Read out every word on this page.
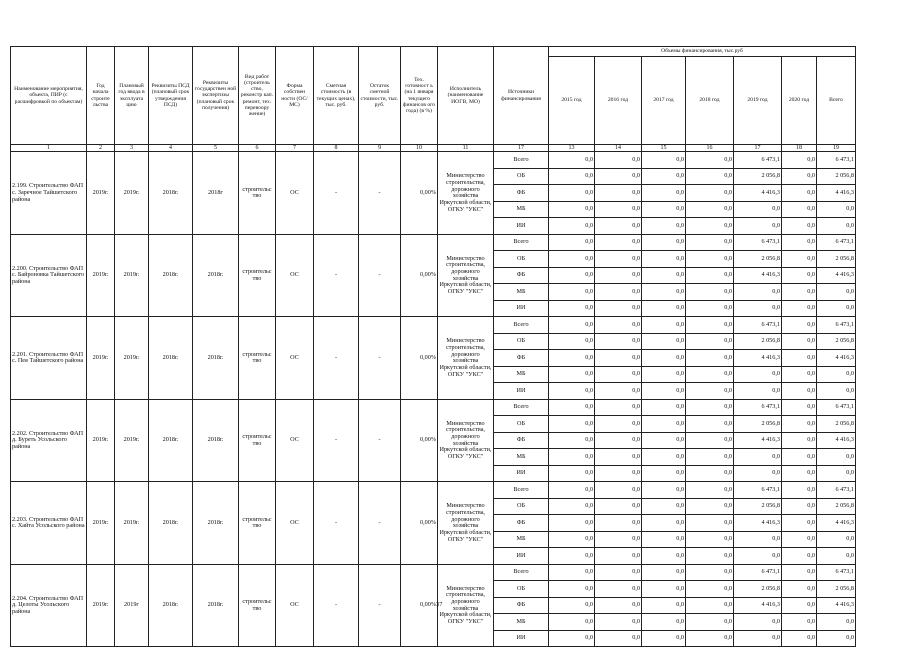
Наименование мероприятия, объекта, ПИР (с расшифровкой по объектам)	Год начала строите льства	Плановый год ввода в эксплуата цию	Реквизиты ПСД (плановый срок утверждения ПСД)	Реквизиты государствен ной экспертизы (плановый срок получения)	Вид работ (строитель ство, реконстр кап. ремонт, тех. перевоору жение)	Форма собствен ности (ОС/МС)	Сметная стоимость (в текущих ценах), тыс. руб.	Остаток сметной стоимости, тыс. руб.	Тех. готовност ь (на 1 января текущего финансов ого года) (в %)	Исполнитель (наименование ИОГВ, МО)	Источники финансирования	Объемы финансирования, тыс.руб						
												2015 год	2016 год	2017 год	2018 год	2019 год	2020 год	Всего
1	2	3	4	5	6	7	8	9	10	11	17	13	14	15	16	17	18	19
2.199. Строительство ФАП с. Заречное Тайшетского района	2019г.	2019г.	2018г.	2018г	строительс тво	ОС	-	-	0,00%	Министерство строительства, дорожного хозяйства Иркутской области, ОГКУ "УКС"	Всего	0,0	0,0	0,0	0,0	6 473,1	0,0	6 473,1
											ОБ	0,0	0,0	0,0	0,0	2 056,8	0,0	2 056,8
											ФБ	0,0	0,0	0,0	0,0	4 416,3	0,0	4 416,3
											МБ	0,0	0,0	0,0	0,0	0,0	0,0	0,0
											ИИ	0,0	0,0	0,0	0,0	0,0	0,0	0,0
2.200. Строительство ФАП с. Байроновка Тайшетского района	2019г.	2019г.	2018г.	2018г.	строительс тво	ОС	-	-	0,00%	Министерство строительства, дорожного хозяйства Иркутской области, ОГКУ "УКС"	Всего	0,0	0,0	0,0	0,0	6 473,1	0,0	6 473,1
											ОБ	0,0	0,0	0,0	0,0	2 056,8	0,0	2 056,8
											ФБ	0,0	0,0	0,0	0,0	4 416,3	0,0	4 416,3
											МБ	0,0	0,0	0,0	0,0	0,0	0,0	0,0
											ИИ	0,0	0,0	0,0	0,0	0,0	0,0	0,0
2.201. Строительство ФАП с. Пея Тайшетского района	2019г.	2019г.	2018г.	2018г.	строительс тво	ОС	-	-	0,00%	Министерство строительства, дорожного хозяйства Иркутской области, ОГКУ "УКС"	Всего	0,0	0,0	0,0	0,0	6 473,1	0,0	6 473,1
											ОБ	0,0	0,0	0,0	0,0	2 056,8	0,0	2 056,8
											ФБ	0,0	0,0	0,0	0,0	4 416,3	0,0	4 416,3
											МБ	0,0	0,0	0,0	0,0	0,0	0,0	0,0
											ИИ	0,0	0,0	0,0	0,0	0,0	0,0	0,0
2.202. Строительство ФАП д. Буреть Усольского района	2019г.	2019г.	2018г.	2018г.	строительс тво	ОС	-	-	0,00%	Министерство строительства, дорожного хозяйства Иркутской области, ОГКУ "УКС"	Всего	0,0	0,0	0,0	0,0	6 473,1	0,0	6 473,1
											ОБ	0,0	0,0	0,0	0,0	2 056,8	0,0	2 056,8
											ФБ	0,0	0,0	0,0	0,0	4 416,3	0,0	4 416,3
											МБ	0,0	0,0	0,0	0,0	0,0	0,0	0,0
											ИИ	0,0	0,0	0,0	0,0	0,0	0,0	0,0
2.203. Строительство ФАП с. Хайта Усольского района	2019г.	2019г.	2018г.	2018г.	строительс тво	ОС	-	-	0,00%	Министерство строительства, дорожного хозяйства Иркутской области, ОГКУ "УКС"	Всего	0,0	0,0	0,0	0,0	6 473,1	0,0	6 473,1
											ОБ	0,0	0,0	0,0	0,0	2 056,8	0,0	2 056,8
											ФБ	0,0	0,0	0,0	0,0	4 416,3	0,0	4 416,3
											МБ	0,0	0,0	0,0	0,0	0,0	0,0	0,0
											ИИ	0,0	0,0	0,0	0,0	0,0	0,0	0,0
2.204. Строительство ФАП д. Целоты Усольского района	2019г.	2019г	2018г.	2018г.	строительс тво	ОС	-	-	0,00%	Министерство строительства, дорожного хозяйства Иркутской области, ОГКУ "УКС"	Всего	0,0	0,0	0,0	0,0	6 473,1	0,0	6 473,1
											ОБ	0,0	0,0	0,0	0,0	2 056,8	0,0	2 056,8
											ФБ	0,0	0,0	0,0	0,0	4 416,3	0,0	4 416,3
											МБ	0,0	0,0	0,0	0,0	0,0	0,0	0,0
											ИИ	0,0	0,0	0,0	0,0	0,0	0,0	0,0
37
